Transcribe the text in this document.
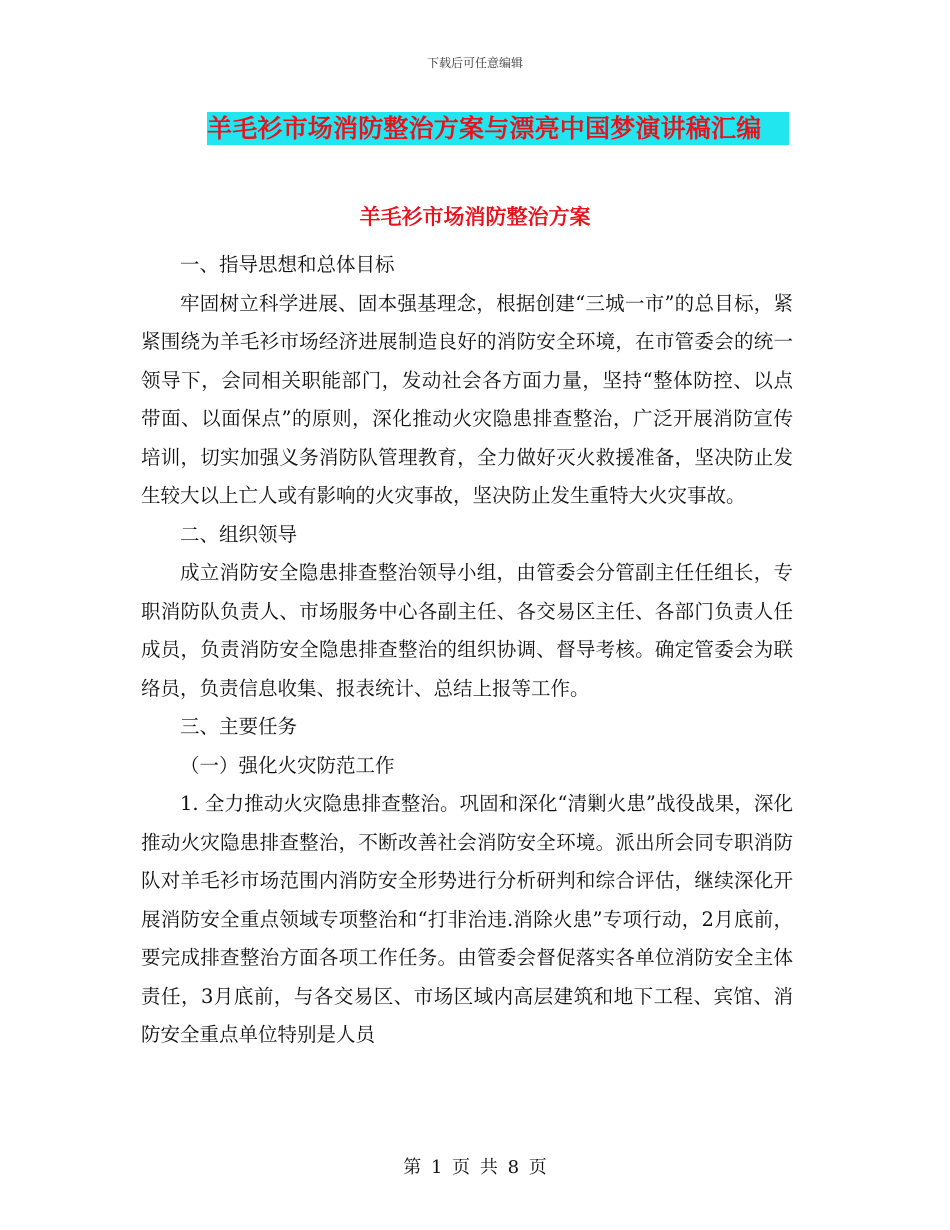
下载后可任意编辑
羊毛衫市场消防整治方案与漂亮中国梦演讲稿汇编
羊毛衫市场消防整治方案

一、指导思想和总体目标

牢固树立科学进展、固本强基理念，根据创建“三城一市”的总目标，紧紧围绕为羊毛衫市场经济进展制造良好的消防安全环境，在市管委会的统一领导下，会同相关职能部门，发动社会各方面力量，坚持“整体防控、以点带面、以面保点”的原则，深化推动火灾隐患排查整治，广泛开展消防宣传培训，切实加强义务消防队管理教育，全力做好灭火救援准备，坚决防止发生较大以上亡人或有影响的火灾事故，坚决防止发生重特大火灾事故。

二、组织领导

成立消防安全隐患排查整治领导小组，由管委会分管副主任任组长，专职消防队负责人、市场服务中心各副主任、各交易区主任、各部门负责人任成员，负责消防安全隐患排查整治的组织协调、督导考核。确定管委会为联络员，负责信息收集、报表统计、总结上报等工作。

三、主要任务

（一）强化火灾防范工作

1. 全力推动火灾隐患排查整治。巩固和深化“清剿火患”战役战果，深化推动火灾隐患排查整治，不断改善社会消防安全环境。派出所会同专职消防队对羊毛衫市场范围内消防安全形势进行分析研判和综合评估，继续深化开展消防安全重点领域专项整治和“打非治违.消除火患”专项行动，2月底前，要完成排查整治方面各项工作任务。由管委会督促落实各单位消防安全主体责任，3月底前，与各交易区、市场区域内高层建筑和地下工程、宾馆、消防安全重点单位特别是人员

第 1 页 共 8 页
